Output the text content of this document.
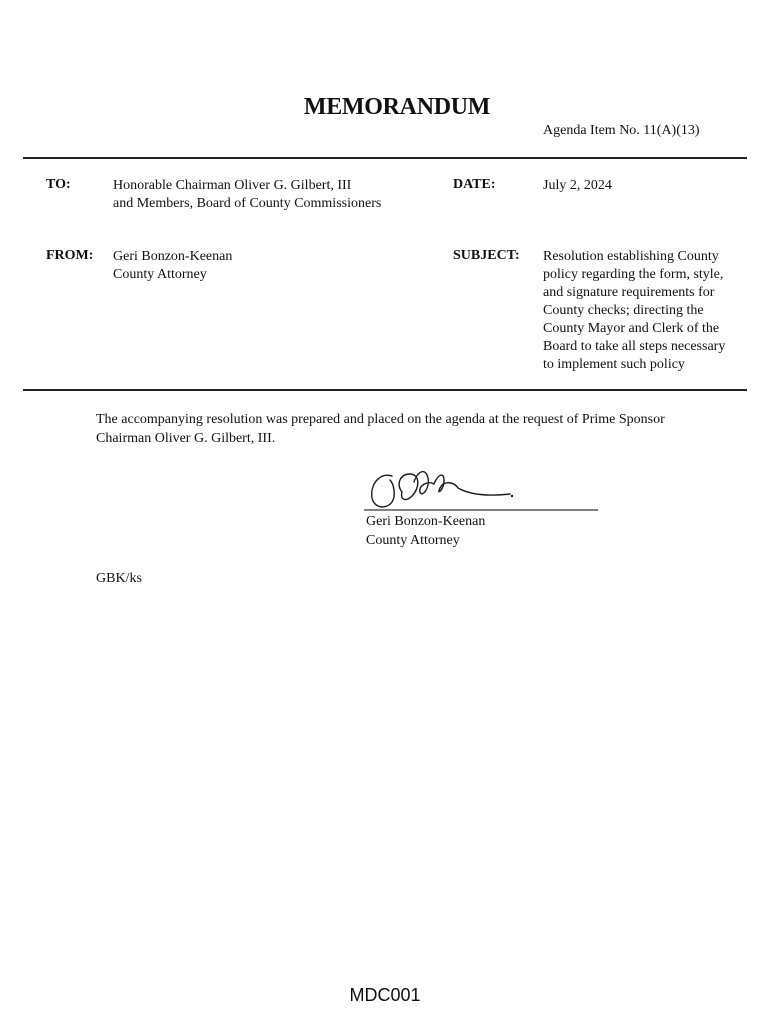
MEMORANDUM
Agenda Item No. 11(A)(13)
TO:	Honorable Chairman Oliver G. Gilbert, III
and Members, Board of County Commissioners
DATE:	July 2, 2024
FROM: Geri Bonzon-Keenan
County Attorney
SUBJECT: Resolution establishing County
policy regarding the form, style,
and signature requirements for
County checks; directing the
County Mayor and Clerk of the
Board to take all steps necessary
to implement such policy
The accompanying resolution was prepared and placed on the agenda at the request of Prime Sponsor
Chairman Oliver G. Gilbert, III.
Geri Bonzon-Keenan
County Attorney
GBK/ks
MDC001
